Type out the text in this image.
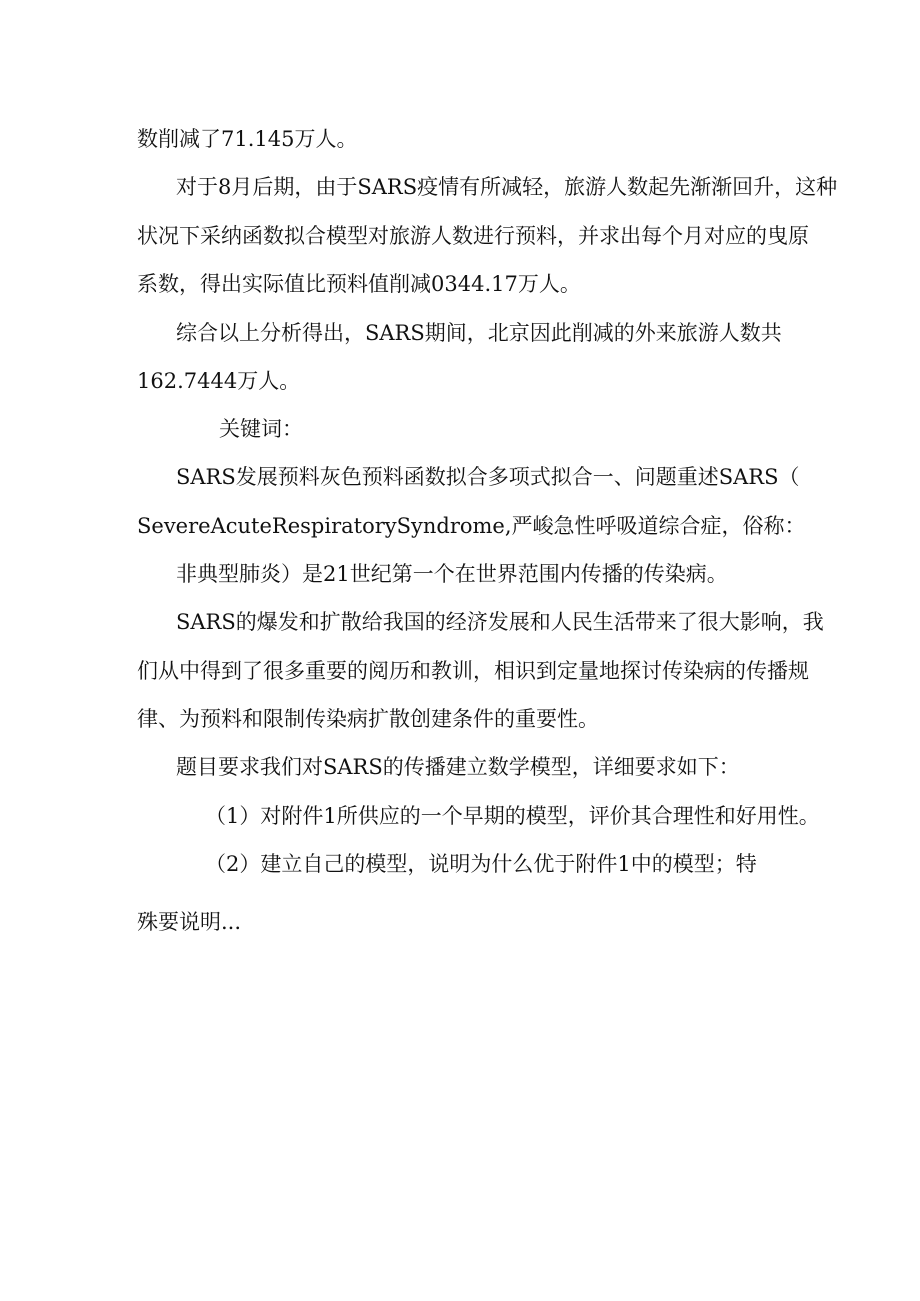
数削减了71.145万人。
对于8月后期，由于SARS疫情有所减轻，旅游人数起先渐渐回升，这种
状况下采纳函数拟合模型对旅游人数进行预料，并求出每个月对应的曳原
系数，得出实际值比预料值削减0344.17万人。
综合以上分析得出，SARS期间，北京因此削减的外来旅游人数共
162.7444万人。
关键词：
SARS发展预料灰色预料函数拟合多项式拟合一、问题重述SARS（
SevereAcuteRespiratorySyndrome,严峻急性呼吸道综合症，俗称：
非典型肺炎）是21世纪第一个在世界范围内传播的传染病。
SARS的爆发和扩散给我国的经济发展和人民生活带来了很大影响，我
们从中得到了很多重要的阅历和教训，相识到定量地探讨传染病的传播规
律、为预料和限制传染病扩散创建条件的重要性。
题目要求我们对SARS的传播建立数学模型，详细要求如下：
（1）对附件1所供应的一个早期的模型，评价其合理性和好用性。
（2）建立自己的模型，说明为什么优于附件1中的模型；特
殊要说明...
